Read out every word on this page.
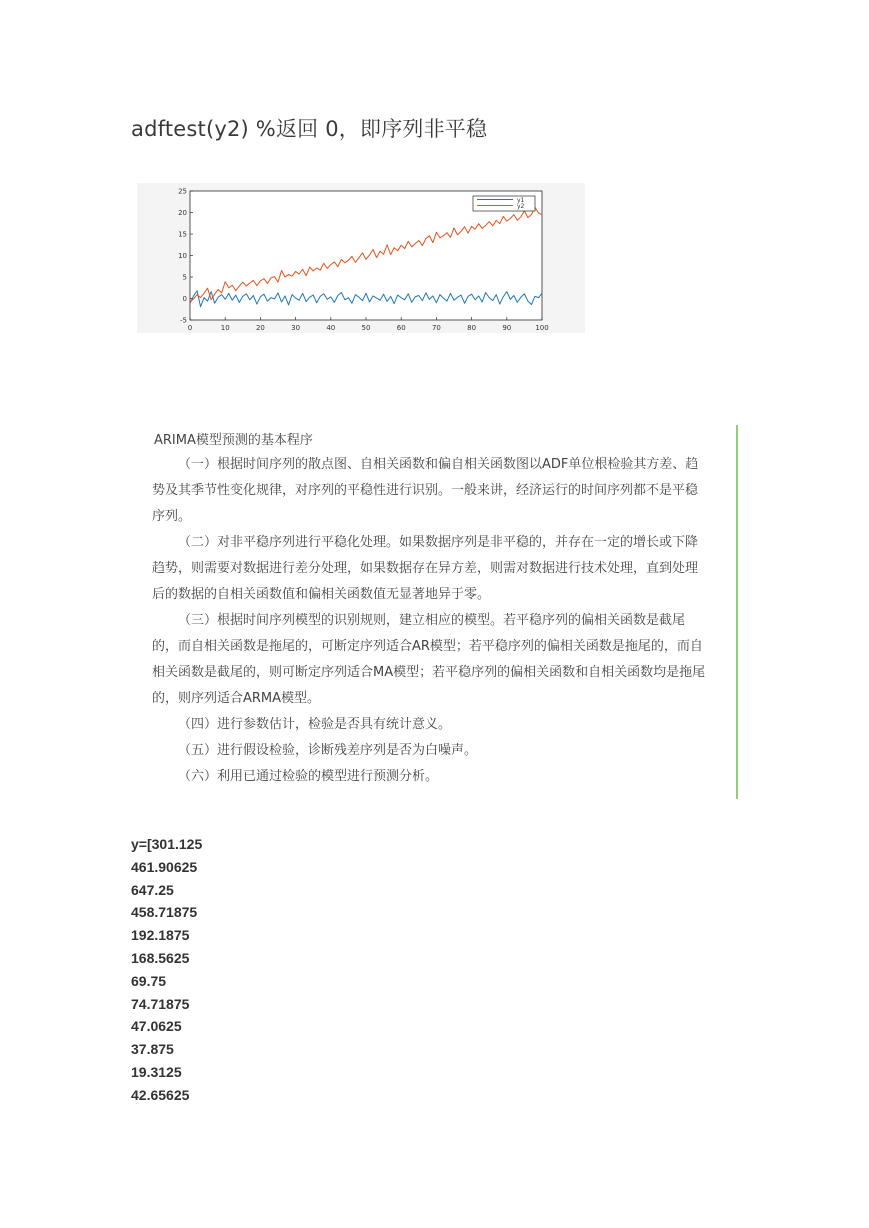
adftest(y2) %返回 0，即序列非平稳
0	10	20	30	40	50	60	70	80	90	100
-5
0
5
10
15
20
25
y1
y2
ARIMA模型预测的基本程序
（一）根据时间序列的散点图、自相关函数和偏自相关函数图以ADF单位根检验其方差、趋势及其季节性变化规律，对序列的平稳性进行识别。一般来讲，经济运行的时间序列都不是平稳序列。
（二）对非平稳序列进行平稳化处理。如果数据序列是非平稳的，并存在一定的增长或下降趋势，则需要对数据进行差分处理，如果数据存在异方差，则需对数据进行技术处理，直到处理后的数据的自相关函数值和偏相关函数值无显著地异于零。
（三）根据时间序列模型的识别规则，建立相应的模型。若平稳序列的偏相关函数是截尾的，而自相关函数是拖尾的，可断定序列适合AR模型；若平稳序列的偏相关函数是拖尾的，而自相关函数是截尾的，则可断定序列适合MA模型；若平稳序列的偏相关函数和自相关函数均是拖尾的，则序列适合ARMA模型。
（四）进行参数估计，检验是否具有统计意义。
（五）进行假设检验，诊断残差序列是否为白噪声。
（六）利用已通过检验的模型进行预测分析。
y=[301.125
461.90625
647.25
458.71875
192.1875
168.5625
69.75
74.71875
47.0625
37.875
19.3125
42.65625
